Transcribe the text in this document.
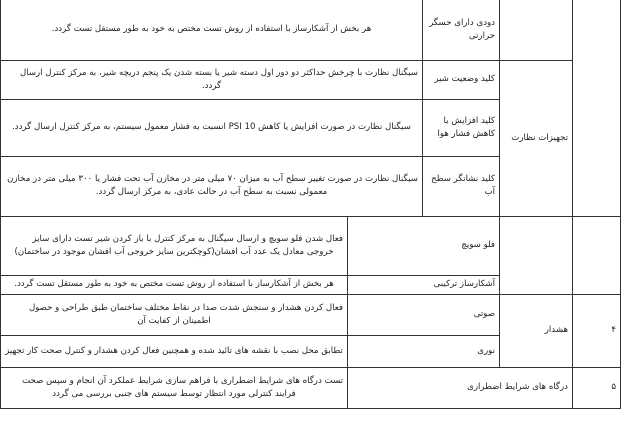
		دودی دارای حسگر حرارتی	هر بخش از آشکارساز با استفاده از روش تست مختص به خود به طور مستقل تست گردد.	
	تجهیزات نظارت	کلید وضعیت شیر	سیگنال نظارت با چرخش حداکثر دو دور اول دسته شیر یا بسته شدن یک پنجم دریچه شیر، به مرکز کنترل ارسال گردد.	
		کلید افزایش یا کاهش فشار هوا	سیگنال نظارت در صورت افزایش یا کاهش 10 PSI انسبت به فشار معمول سیستم، به مرکز کنترل ارسال گردد.	
		کلید نشانگر سطح آب	سیگنال نظارت در صورت تغییر سطح آب به میزان ۷۰ میلی متر در مخازن آب تحت فشار یا ۳۰۰ میلی متر در مخازن معمولی نسبت به سطح آب در حالت عادی، به مرکز ارسال گردد.	
		فلو سویچ		فعال شدن فلو سویچ و ارسال سیگنال به مرکز کنترل با باز کردن شیر تست دارای سایز خروجی معادل یک عدد آب افشان(کوچکترین سایز خروجی آب افشان موجود در ساختمان)
		آشکارساز ترکیبی		هر بخش از آشکارساز با استفاده از روش تست مختص به خود به طور مستقل تست گردد.
۴	هشدار	صوتی		فعال کردن هشدار و سنجش شدت صدا در نقاط مختلف ساختمان طبق طراحی و حصول اطمینان از کفایت آن
		نوری		تطابق محل نصب با نقشه های تائید شده و همچنین فعال کردن هشدار و کنترل صحت کار تجهیز
۵	درگاه های شرایط اضطراری			تست درگاه های شرایط اضطراری با فراهم سازی شرایط عملکرد آن انجام و سپس صحت فرایند کنترلی مورد انتظار توسط سیستم های جنبی بررسی می گردد
